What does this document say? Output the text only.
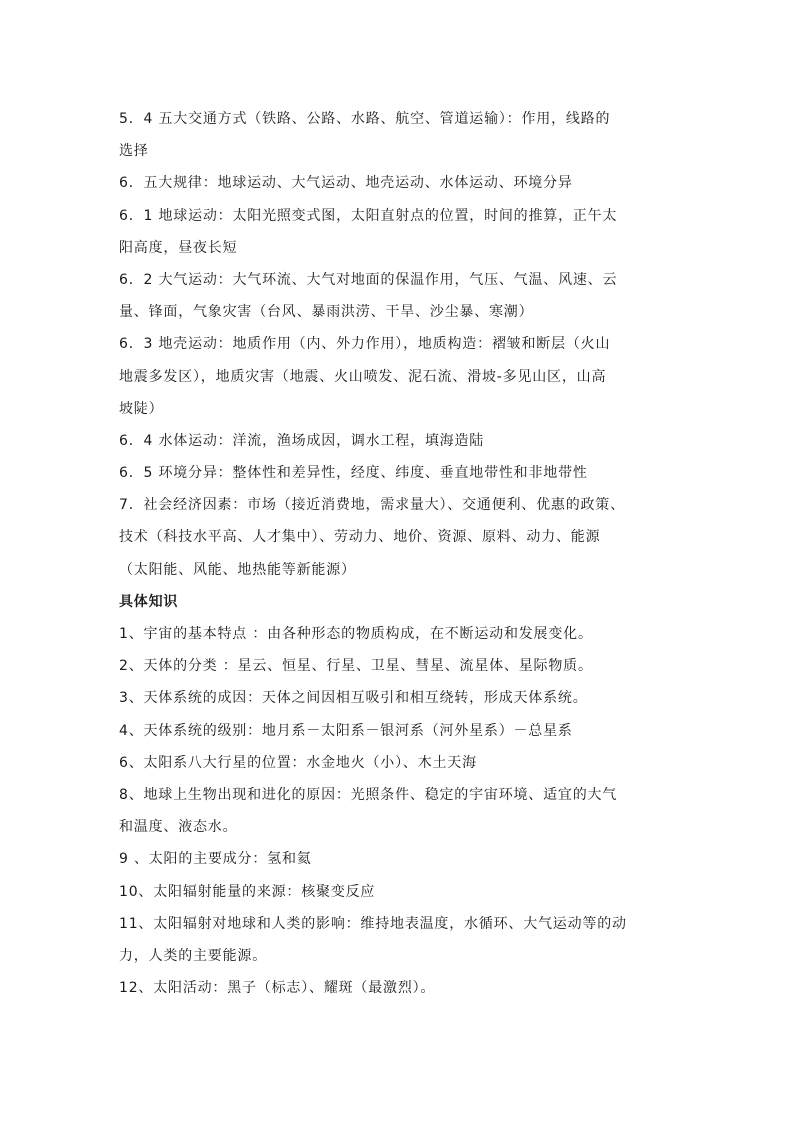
5．4 五大交通方式（铁路、公路、水路、航空、管道运输）：作用，线路的
选择
6．五大规律：地球运动、大气运动、地壳运动、水体运动、环境分异
6．1 地球运动：太阳光照变式图，太阳直射点的位置，时间的推算，正午太
阳高度，昼夜长短
6．2 大气运动：大气环流、大气对地面的保温作用，气压、气温、风速、云
量、锋面，气象灾害（台风、暴雨洪涝、干旱、沙尘暴、寒潮）
6．3 地壳运动：地质作用（内、外力作用），地质构造：褶皱和断层（火山
地震多发区），地质灾害（地震、火山喷发、泥石流、滑坡-多见山区，山高
坡陡）
6．4 水体运动：洋流，渔场成因，调水工程，填海造陆
6．5 环境分异：整体性和差异性，经度、纬度、垂直地带性和非地带性
7．社会经济因素：市场（接近消费地，需求量大）、交通便利、优惠的政策、
技术（科技水平高、人才集中）、劳动力、地价、资源、原料、动力、能源
（太阳能、风能、地热能等新能源）
具体知识
1、宇宙的基本特点 ：由各种形态的物质构成，在不断运动和发展变化。
2、天体的分类 ：星云、恒星、行星、卫星、彗星、流星体、星际物质。
3、天体系统的成因：天体之间因相互吸引和相互绕转，形成天体系统。
4、天体系统的级别：地月系－太阳系－银河系（河外星系）－总星系
6、太阳系八大行星的位置：水金地火（小）、木土天海
8、地球上生物出现和进化的原因：光照条件、稳定的宇宙环境、适宜的大气
和温度、液态水。
9 、太阳的主要成分：氢和氦
10、太阳辐射能量的来源：核聚变反应
11、太阳辐射对地球和人类的影响：维持地表温度，水循环、大气运动等的动
力，人类的主要能源。
12、太阳活动：黑子（标志）、耀斑（最激烈）。
